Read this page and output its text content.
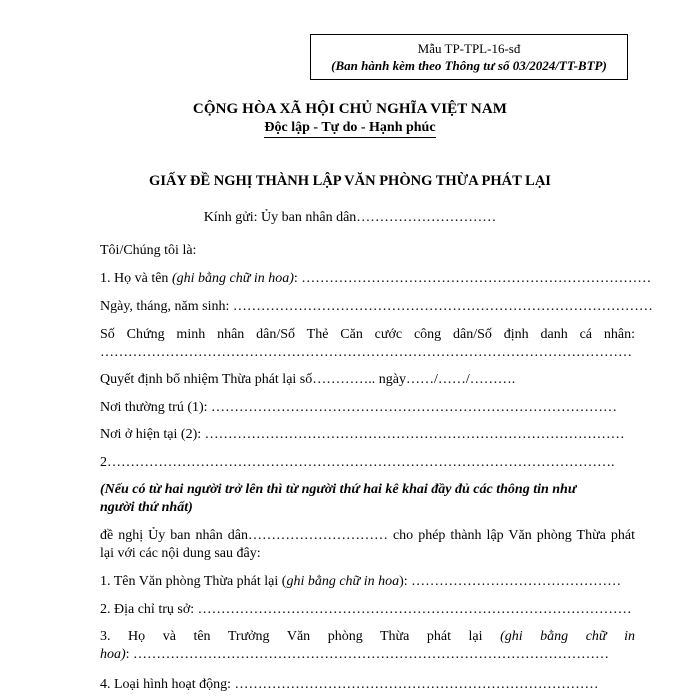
Mẫu TP-TPL-16-sđ
(Ban hành kèm theo Thông tư số 03/2024/TT-BTP)
CỘNG HÒA XÃ HỘI CHỦ NGHĨA VIỆT NAM
Độc lập - Tự do - Hạnh phúc
GIẤY ĐỀ NGHỊ THÀNH LẬP VĂN PHÒNG THỪA PHÁT LẠI
Kính gửi: Ủy ban nhân dân…………………………
Tôi/Chúng tôi là:
1. Họ và tên (ghi bằng chữ in hoa): …………………………………………………………………
Ngày, tháng, năm sinh: ………………………………………………………………………………
Số Chứng minh nhân dân/Số Thẻ Căn cước công dân/Số định danh cá nhân:
……………………………………………………………………………………………………
Quyết định bổ nhiệm Thừa phát lại số………….. ngày……/……/……….
Nơi thường trú (1): ……………………………………………………………………………
Nơi ở hiện tại (2): ………………………………………………………………………………
2……………………………………………………………………………………………….
(Nếu có từ hai người trở lên thì từ người thứ hai kê khai đầy đủ các thông tin như
người thứ nhất)
đề nghị Ủy ban nhân dân………………………… cho phép thành lập Văn phòng Thừa phát
lại với các nội dung sau đây:
1. Tên Văn phòng Thừa phát lại (ghi bằng chữ in hoa): ………………………………………
2. Địa chỉ trụ sở: …………………………………………………………………………………
3. Họ và tên Trưởng Văn phòng Thừa phát lại (ghi bằng chữ in
hoa): …………………………………………………………………………………………
4. Loại hình hoạt động: ……………………………………………………………………
